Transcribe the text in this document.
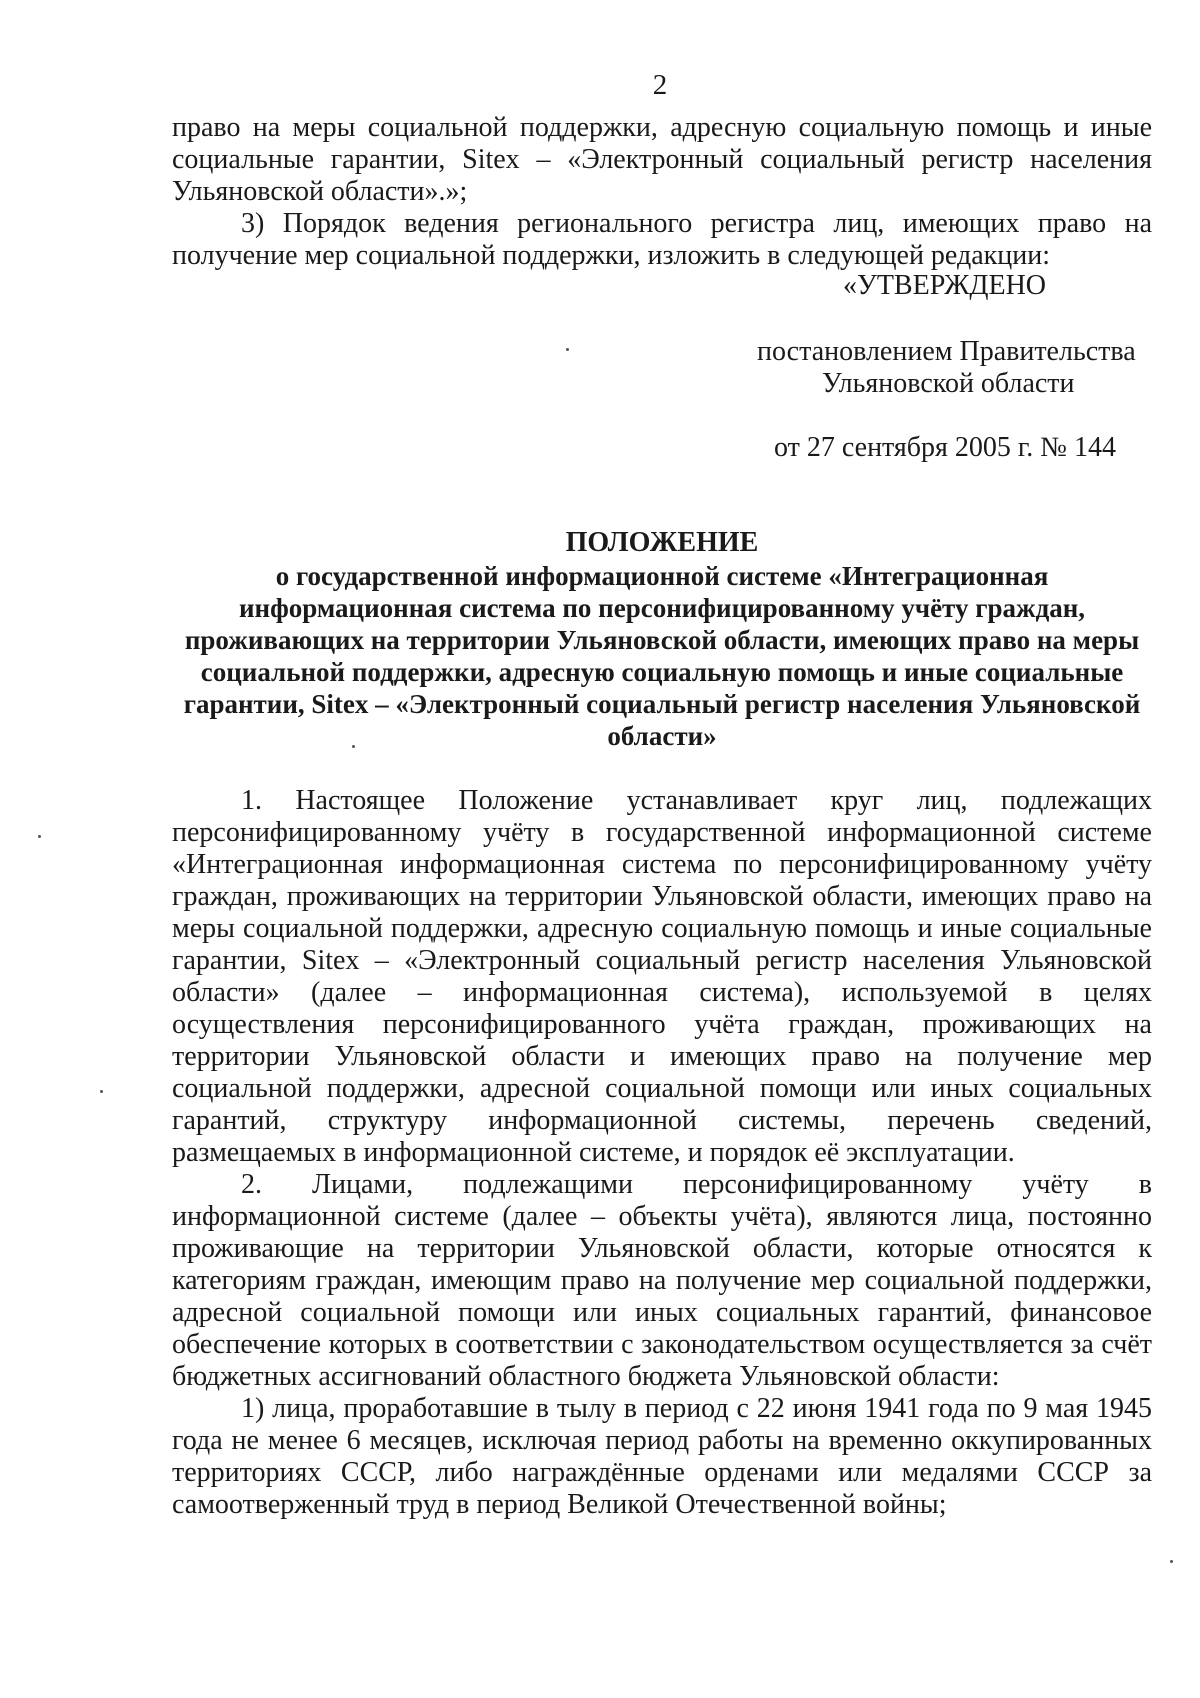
2

право на меры социальной поддержки, адресную социальную помощь и иные социальные гарантии, Sitex – «Электронный социальный регистр населения Ульяновской области».»;

3) Порядок ведения регионального регистра лиц, имеющих право на получение мер социальной поддержки, изложить в следующей редакции:

«УТВЕРЖДЕНО
постановлением Правительства
Ульяновской области
от 27 сентября 2005 г. № 144
ПОЛОЖЕНИЕ
о государственной информационной системе «Интеграционная информационная система по персонифицированному учёту граждан, проживающих на территории Ульяновской области, имеющих право на меры социальной поддержки, адресную социальную помощь и иные социальные гарантии, Sitex – «Электронный социальный регистр населения Ульяновской области»

1. Настоящее Положение устанавливает круг лиц, подлежащих персонифицированному учёту в государственной информационной системе «Интеграционная информационная система по персонифицированному учёту граждан, проживающих на территории Ульяновской области, имеющих право на меры социальной поддержки, адресную социальную помощь и иные социальные гарантии, Sitex – «Электронный социальный регистр населения Ульяновской области» (далее – информационная система), используемой в целях осуществления персонифицированного учёта граждан, проживающих на территории Ульяновской области и имеющих право на получение мер социальной поддержки, адресной социальной помощи или иных социальных гарантий, структуру информационной системы, перечень сведений, размещаемых в информационной системе, и порядок её эксплуатации.

2. Лицами, подлежащими персонифицированному учёту в информационной системе (далее – объекты учёта), являются лица, постоянно проживающие на территории Ульяновской области, которые относятся к категориям граждан, имеющим право на получение мер социальной поддержки, адресной социальной помощи или иных социальных гарантий, финансовое обеспечение которых в соответствии с законодательством осуществляется за счёт бюджетных ассигнований областного бюджета Ульяновской области:

1) лица, проработавшие в тылу в период с 22 июня 1941 года по 9 мая 1945 года не менее 6 месяцев, исключая период работы на временно оккупированных территориях СССР, либо награждённые орденами или медалями СССР за самоотверженный труд в период Великой Отечественной войны;
